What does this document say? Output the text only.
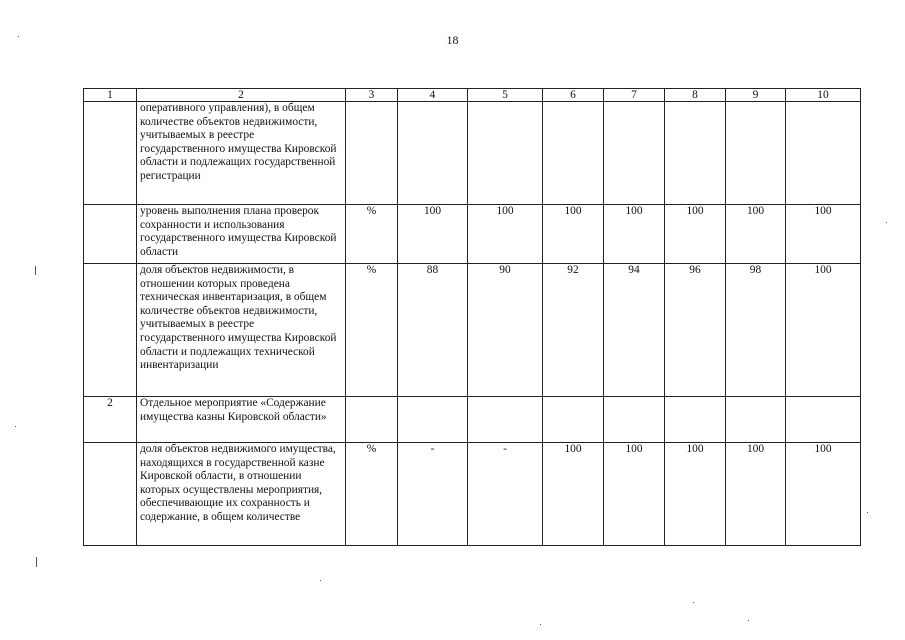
18
1	2	3	4	5	6	7	8	9	10
	оперативного управления), в общем количестве объектов недвижимости, учитываемых в реестре государственного имущества Кировской области и подлежащих государственной регистрации								
	уровень выполнения плана проверок сохранности и использования государственного имущества Кировской области	%	100	100	100	100	100	100	100
	доля объектов недвижимости, в отношении которых проведена техническая инвентаризация, в общем количестве объектов недвижимости, учитываемых в реестре государственного имущества Кировской области и подлежащих технической инвентаризации	%	88	90	92	94	96	98	100
2	Отдельное мероприятие «Содержание имущества казны Кировской области»								
	доля объектов недвижимого имущества, находящихся в государственной казне Кировской области, в отношении которых осуществлены мероприятия, обеспечивающие их сохранность и содержание, в общем количестве	%	-	-	100	100	100	100	100
